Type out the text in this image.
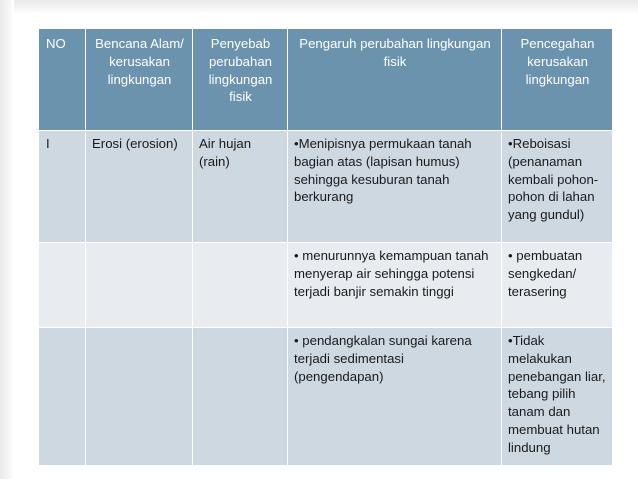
NO	Bencana Alam/ kerusakan lingkungan	Penyebab perubahan lingkungan fisik	Pengaruh perubahan lingkungan fisik	Pencegahan kerusakan lingkungan
I	Erosi (erosion)	Air hujan (rain)	•Menipisnya permukaan tanah bagian atas (lapisan humus) sehingga kesuburan tanah berkurang	•Reboisasi (penanaman kembali pohon-pohon di lahan yang gundul)
			• menurunnya kemampuan tanah menyerap air sehingga potensi terjadi banjir semakin tinggi	• pembuatan sengkedan/ terasering
			• pendangkalan sungai karena terjadi sedimentasi (pengendapan)	•Tidak melakukan penebangan liar, tebang pilih tanam dan membuat hutan lindung
